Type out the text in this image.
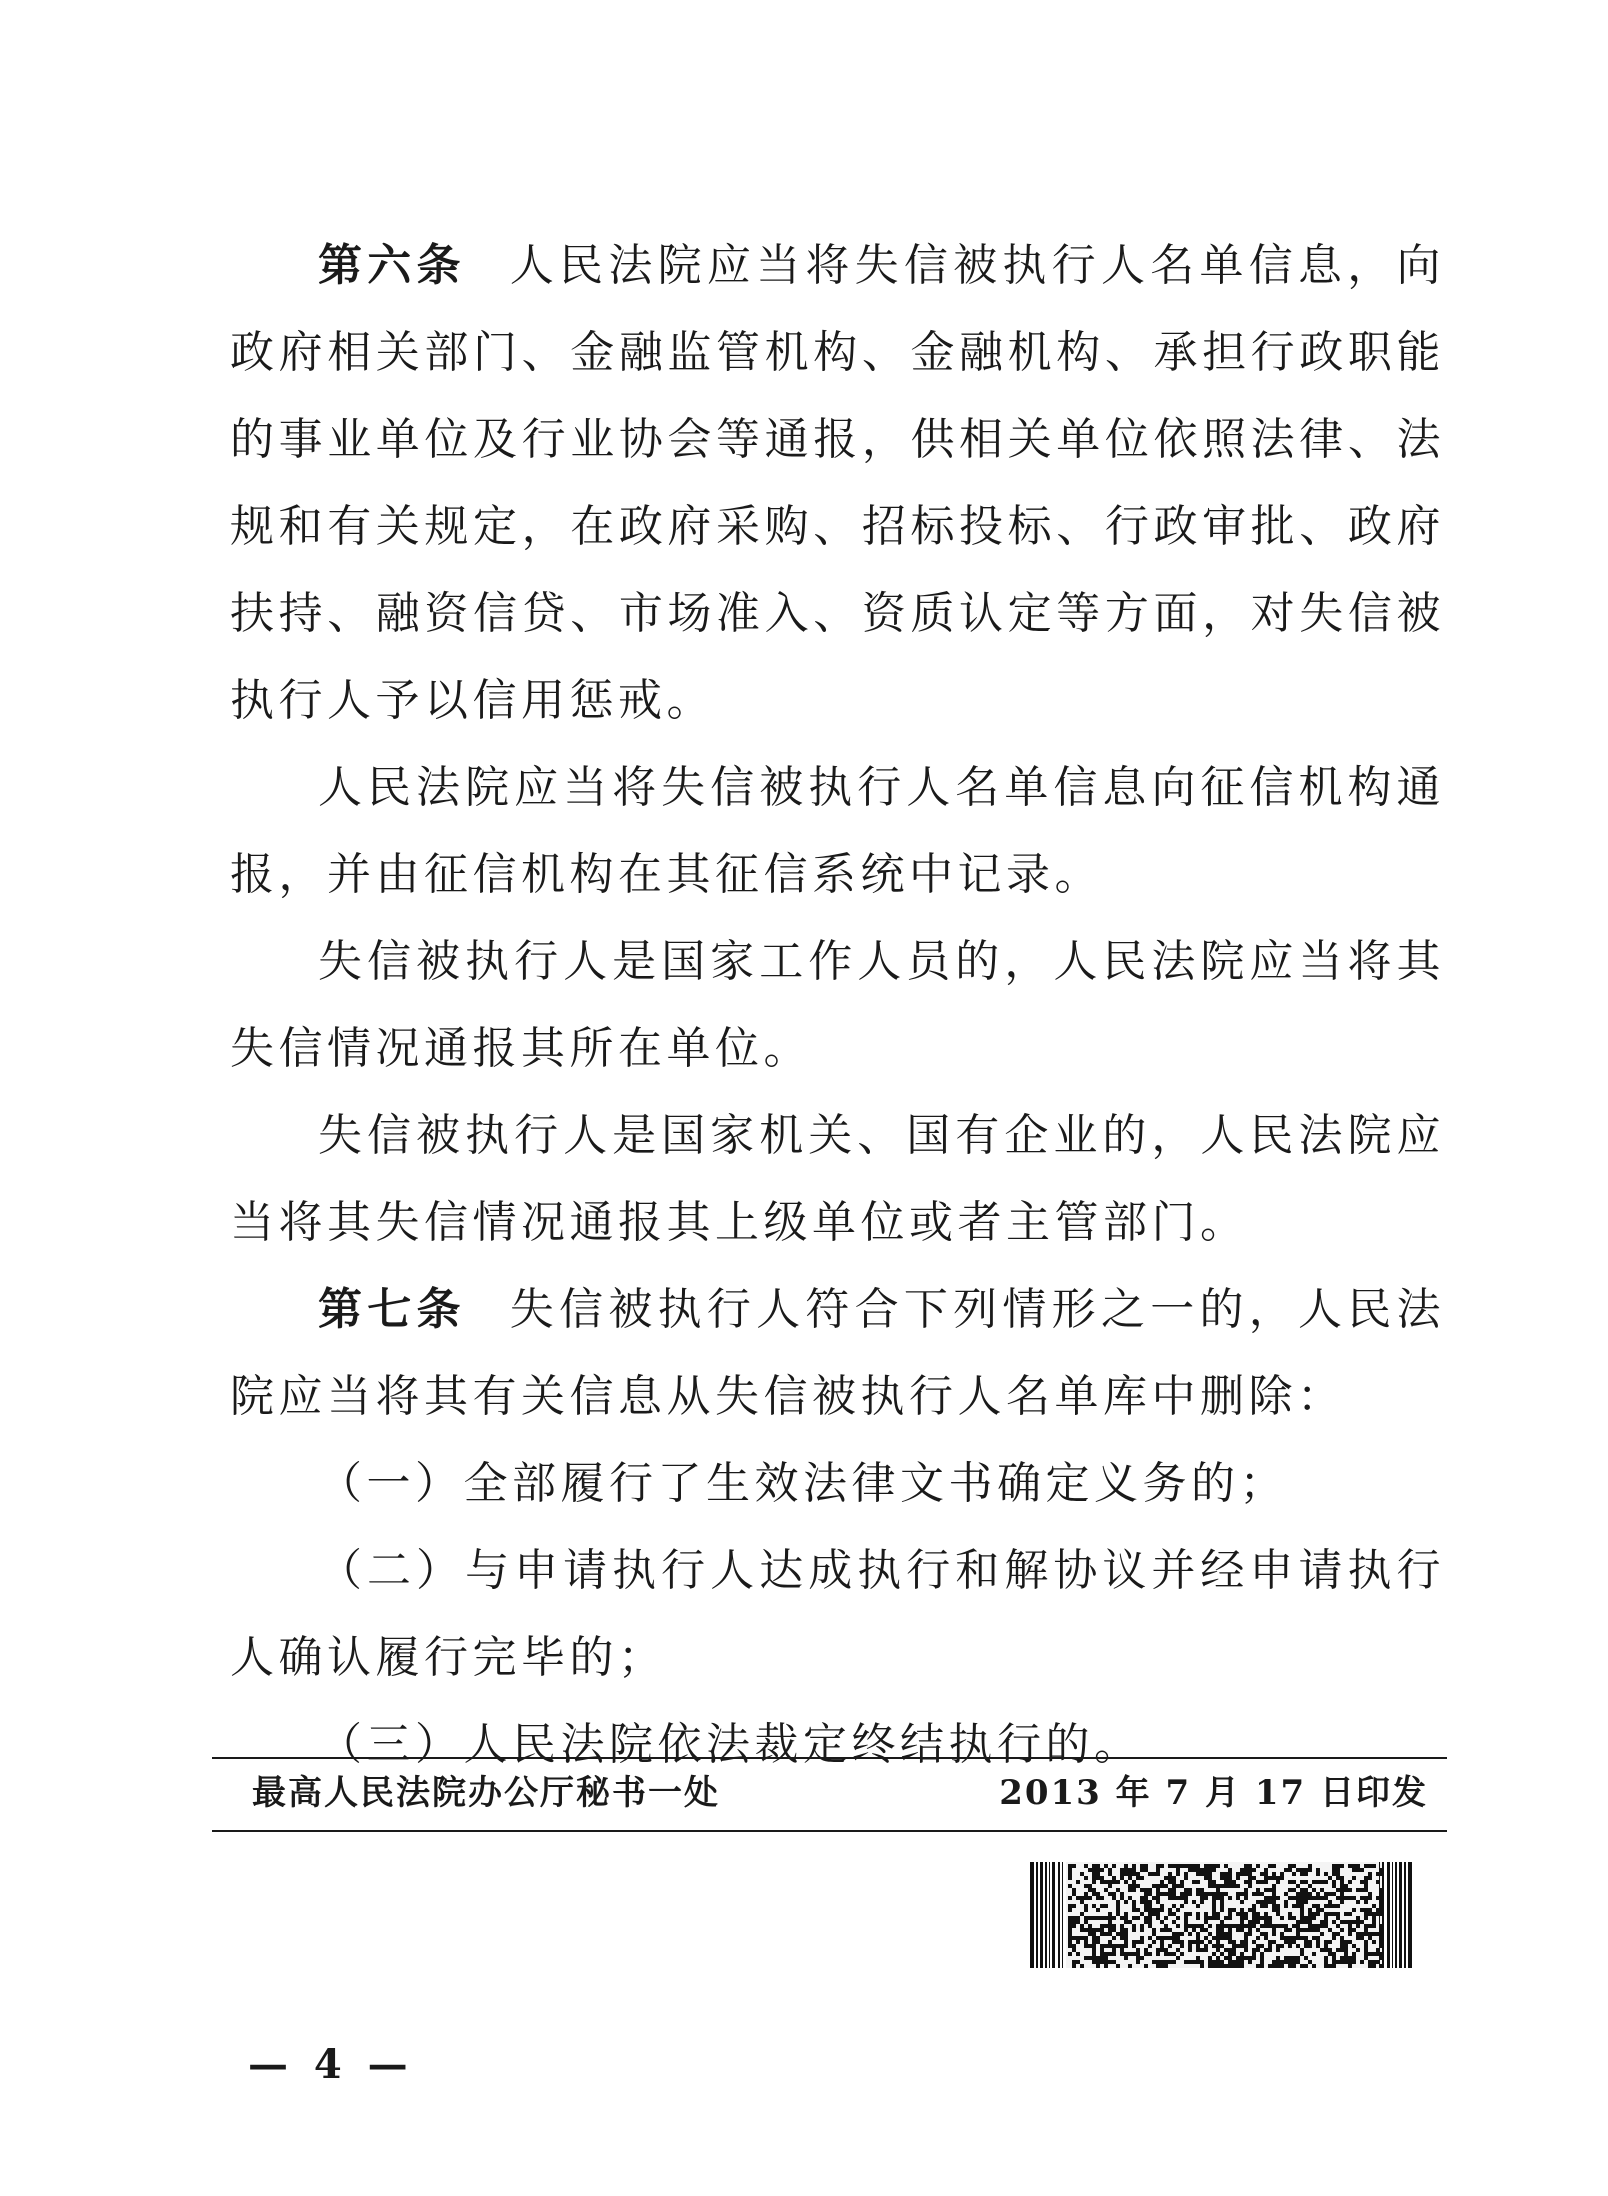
第六条 人民法院应当将失信被执行人名单信息，向政府相关部门、金融监管机构、金融机构、承担行政职能的事业单位及行业协会等通报，供相关单位依照法律、法规和有关规定，在政府采购、招标投标、行政审批、政府扶持、融资信贷、市场准入、资质认定等方面，对失信被执行人予以信用惩戒。

人民法院应当将失信被执行人名单信息向征信机构通报，并由征信机构在其征信系统中记录。

失信被执行人是国家工作人员的，人民法院应当将其失信情况通报其所在单位。

失信被执行人是国家机关、国有企业的，人民法院应当将其失信情况通报其上级单位或者主管部门。

第七条 失信被执行人符合下列情形之一的，人民法院应当将其有关信息从失信被执行人名单库中删除：

（一）全部履行了生效法律文书确定义务的；

（二）与申请执行人达成执行和解协议并经申请执行人确认履行完毕的；

（三）人民法院依法裁定终结执行的。

最高人民法院办公厅秘书一处	2013 年 7 月 17 日印发
— 4 —
